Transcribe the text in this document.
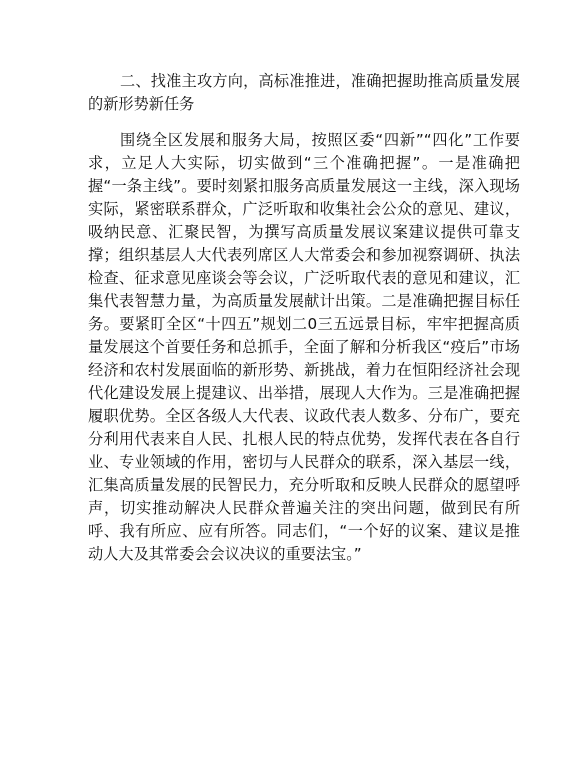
二、找准主攻方向，高标准推进，准确把握助推高质量发展的新形势新任务

围绕全区发展和服务大局，按照区委“四新”“四化”工作要求，立足人大实际，切实做到“三个准确把握”。一是准确把握“一条主线”。要时刻紧扣服务高质量发展这一主线，深入现场实际，紧密联系群众，广泛听取和收集社会公众的意见、建议，吸纳民意、汇聚民智，为撰写高质量发展议案建议提供可靠支撑；组织基层人大代表列席区人大常委会和参加视察调研、执法检查、征求意见座谈会等会议，广泛听取代表的意见和建议，汇集代表智慧力量，为高质量发展献计出策。二是准确把握目标任务。要紧盯全区“十四五”规划二0三五远景目标，牢牢把握高质量发展这个首要任务和总抓手，全面了解和分析我区“疫后”市场经济和农村发展面临的新形势、新挑战，着力在恒阳经济社会现代化建设发展上提建议、出举措，展现人大作为。三是准确把握履职优势。全区各级人大代表、议政代表人数多、分布广，要充分利用代表来自人民、扎根人民的特点优势，发挥代表在各自行业、专业领域的作用，密切与人民群众的联系，深入基层一线，汇集高质量发展的民智民力，充分听取和反映人民群众的愿望呼声，切实推动解决人民群众普遍关注的突出问题，做到民有所呼、我有所应、应有所答。同志们，“一个好的议案、建议是推动人大及其常委会会议决议的重要法宝。”
